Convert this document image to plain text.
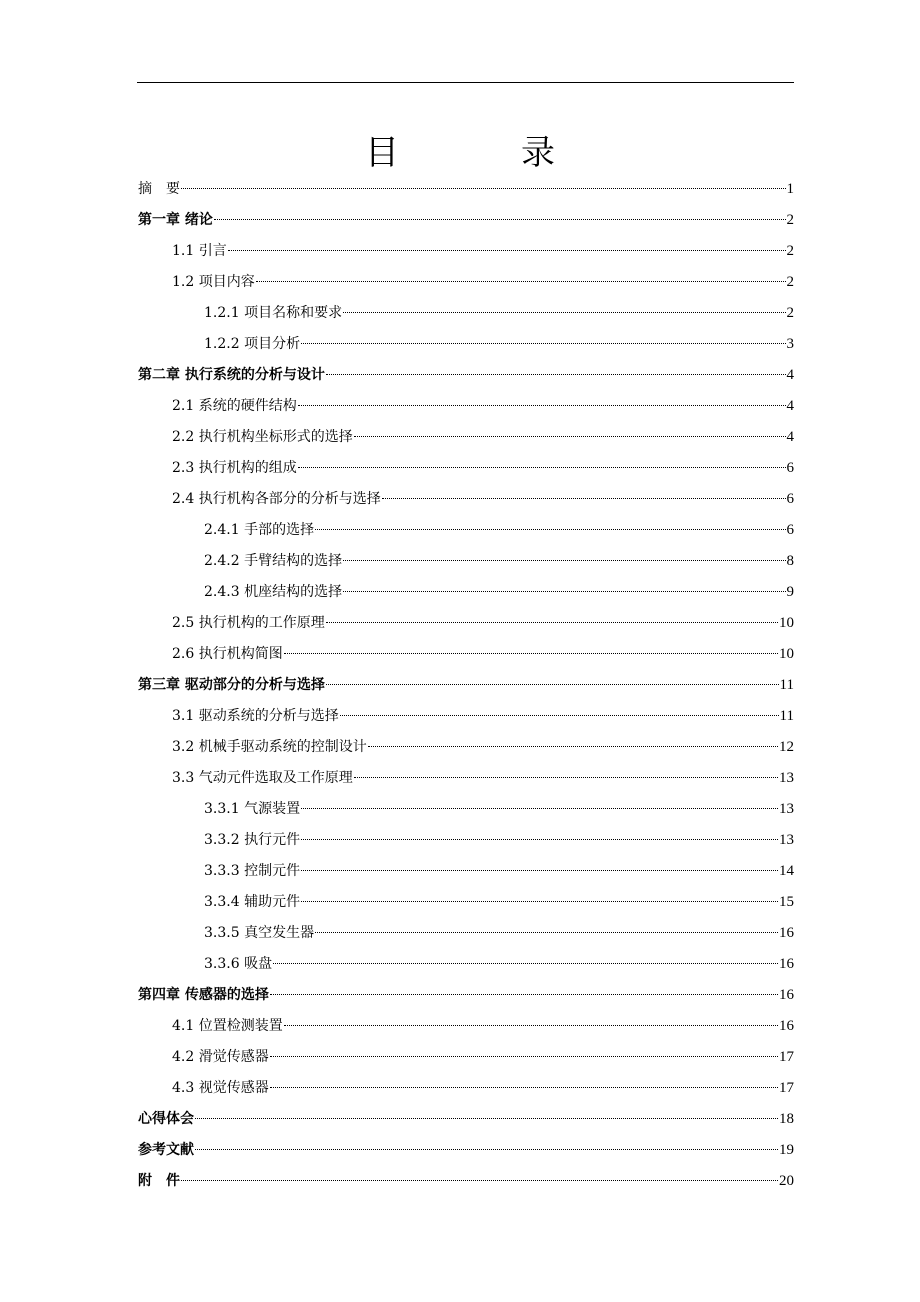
目　录
摘　要	1
第一章 绪论	2
1.1 引言	2
1.2 项目内容	2
1.2.1 项目名称和要求	2
1.2.2 项目分析	3
第二章 执行系统的分析与设计	4
2.1 系统的硬件结构	4
2.2 执行机构坐标形式的选择	4
2.3 执行机构的组成	6
2.4 执行机构各部分的分析与选择	6
2.4.1 手部的选择	6
2.4.2 手臂结构的选择	8
2.4.3 机座结构的选择	9
2.5 执行机构的工作原理	10
2.6 执行机构简图	10
第三章 驱动部分的分析与选择	11
3.1 驱动系统的分析与选择	11
3.2 机械手驱动系统的控制设计	12
3.3 气动元件选取及工作原理	13
3.3.1 气源装置	13
3.3.2 执行元件	13
3.3.3 控制元件	14
3.3.4 辅助元件	15
3.3.5 真空发生器	16
3.3.6 吸盘	16
第四章 传感器的选择	16
4.1 位置检测装置	16
4.2 滑觉传感器	17
4.3 视觉传感器	17
心得体会	18
参考文献	19
附　件	20
